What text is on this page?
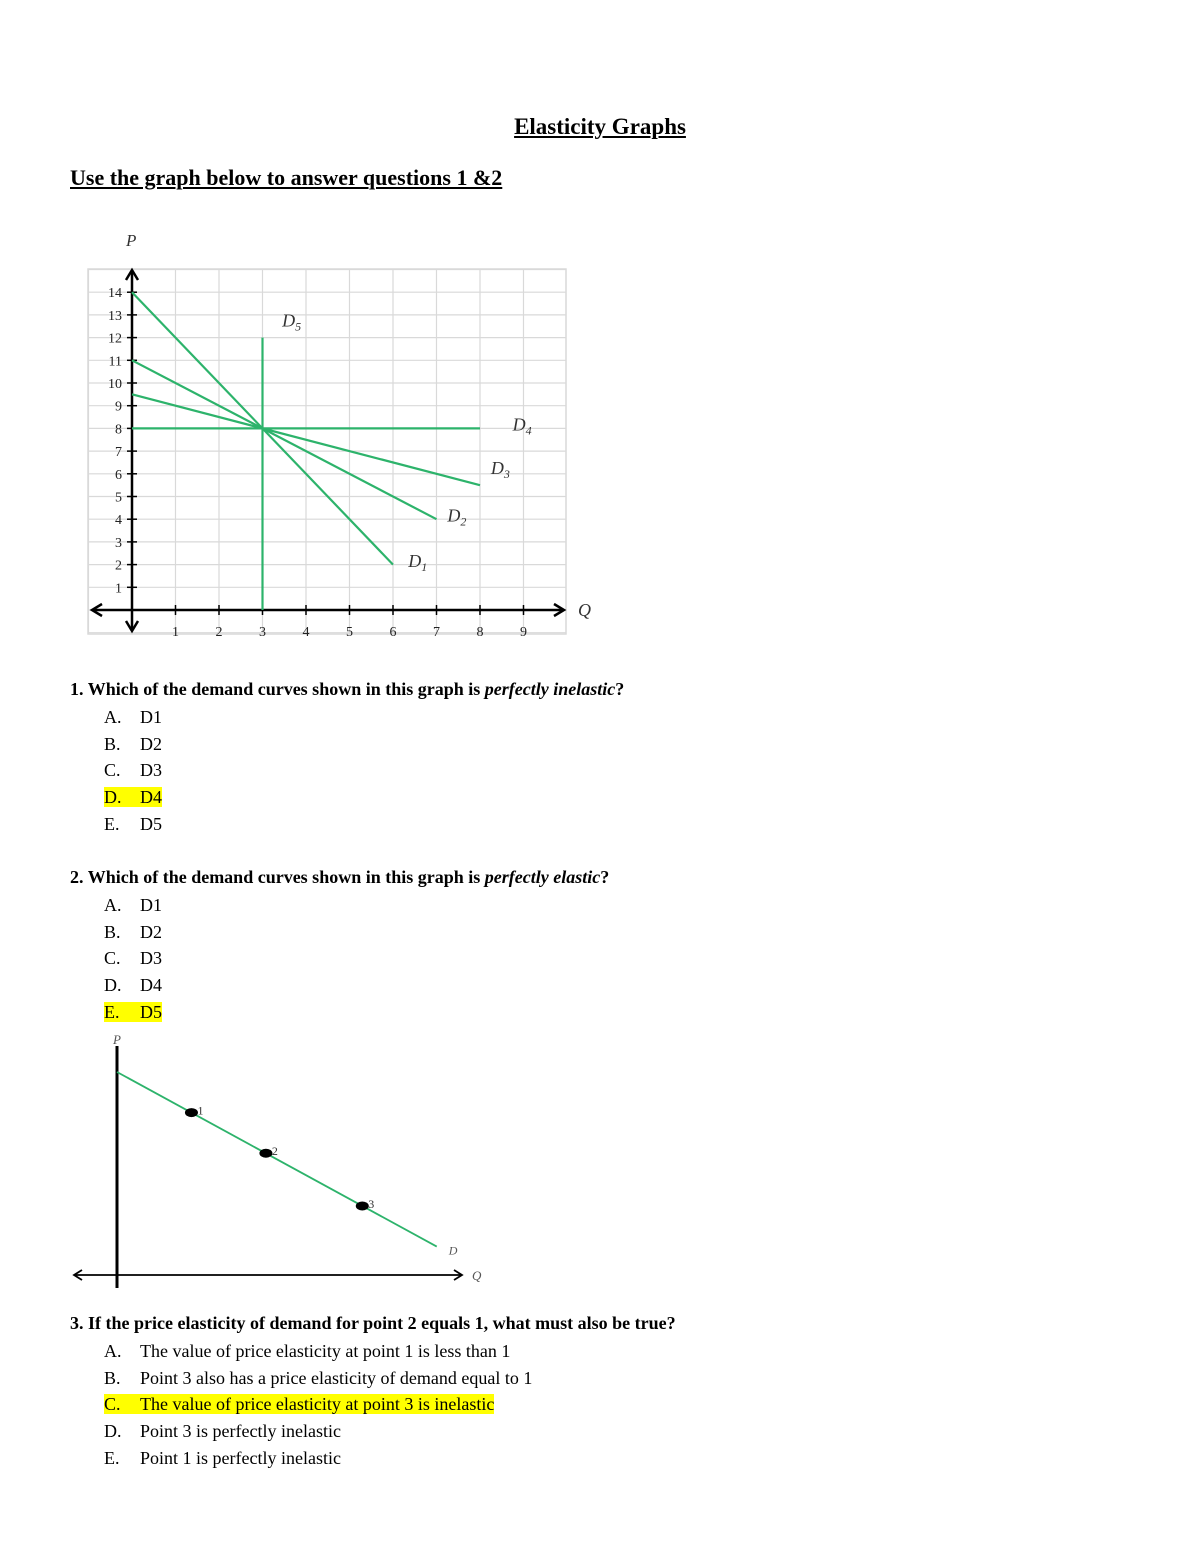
Elasticity Graphs
Use the graph below to answer questions 1 &2
1
2
3
4
5
6
7
8
9
10
11
12
13
14
1	2	3	4	5	6	7	8	9
P
Q
$D_1$
$D_2$
$D_3$
$D_4$
$D_5$
1. Which of the demand curves shown in this graph is perfectly inelastic?
A. D1
B. D2
C. D3
D. D4
E. D5
2. Which of the demand curves shown in this graph is perfectly elastic?
A. D1
B. D2
C. D3
D. D4
E. D5
P
Q
D
1
2
3
3. If the price elasticity of demand for point 2 equals 1, what must also be true?
A. The value of price elasticity at point 1 is less than 1
B. Point 3 also has a price elasticity of demand equal to 1
C. The value of price elasticity at point 3 is inelastic
D. Point 3 is perfectly inelastic
E. Point 1 is perfectly inelastic
